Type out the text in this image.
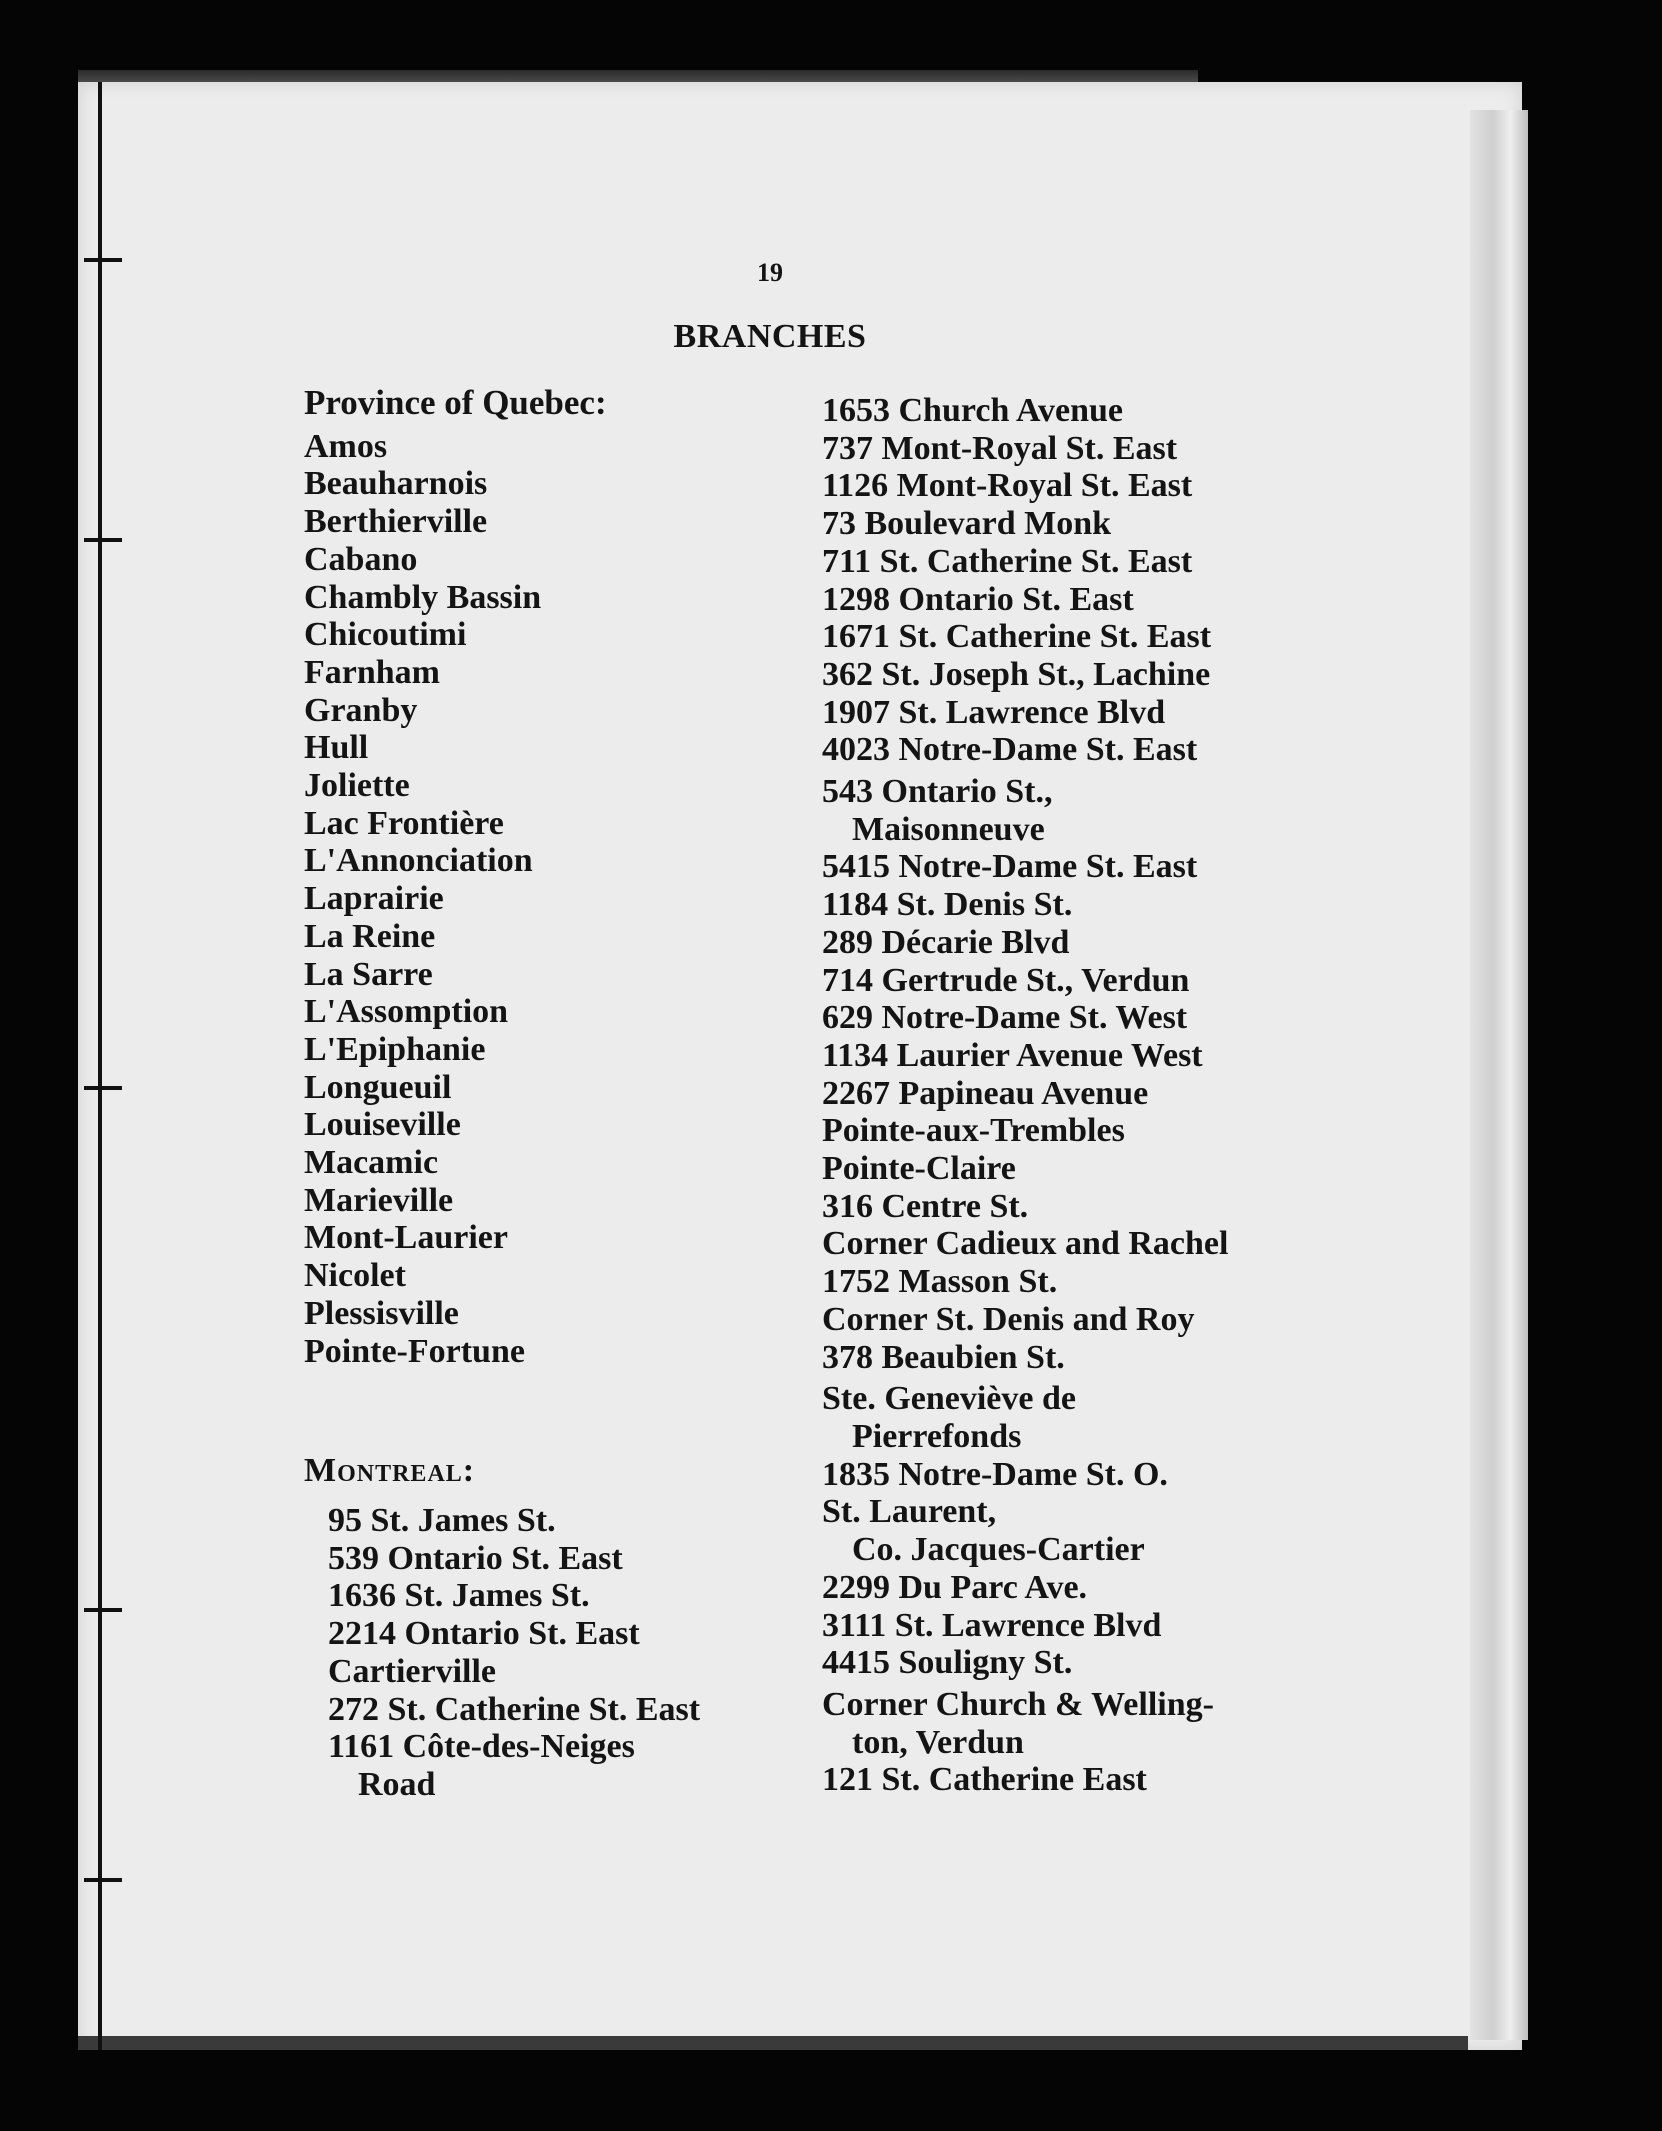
19
BRANCHES
Province of Quebec:
Amos
Beauharnois
Berthierville
Cabano
Chambly Bassin
Chicoutimi
Farnham
Granby
Hull
Joliette
Lac Frontière
L'Annonciation
Laprairie
La Reine
La Sarre
L'Assomption
L'Epiphanie
Longueuil
Louiseville
Macamic
Marieville
Mont-Laurier
Nicolet
Plessisville
Pointe-Fortune
Montreal:
95 St. James St.
539 Ontario St. East
1636 St. James St.
2214 Ontario St. East
Cartierville
272 St. Catherine St. East
1161 Côte-des-Neiges
Road
1653 Church Avenue
737 Mont-Royal St. East
1126 Mont-Royal St. East
73 Boulevard Monk
711 St. Catherine St. East
1298 Ontario St. East
1671 St. Catherine St. East
362 St. Joseph St., Lachine
1907 St. Lawrence Blvd
4023 Notre-Dame St. East
543 Ontario St.,
Maisonneuve
5415 Notre-Dame St. East
1184 St. Denis St.
289 Décarie Blvd
714 Gertrude St., Verdun
629 Notre-Dame St. West
1134 Laurier Avenue West
2267 Papineau Avenue
Pointe-aux-Trembles
Pointe-Claire
316 Centre St.
Corner Cadieux and Rachel
1752 Masson St.
Corner St. Denis and Roy
378 Beaubien St.
Ste. Geneviève de
Pierrefonds
1835 Notre-Dame St. O.
St. Laurent,
Co. Jacques-Cartier
2299 Du Parc Ave.
3111 St. Lawrence Blvd
4415 Souligny St.
Corner Church & Welling-
ton, Verdun
121 St. Catherine East
